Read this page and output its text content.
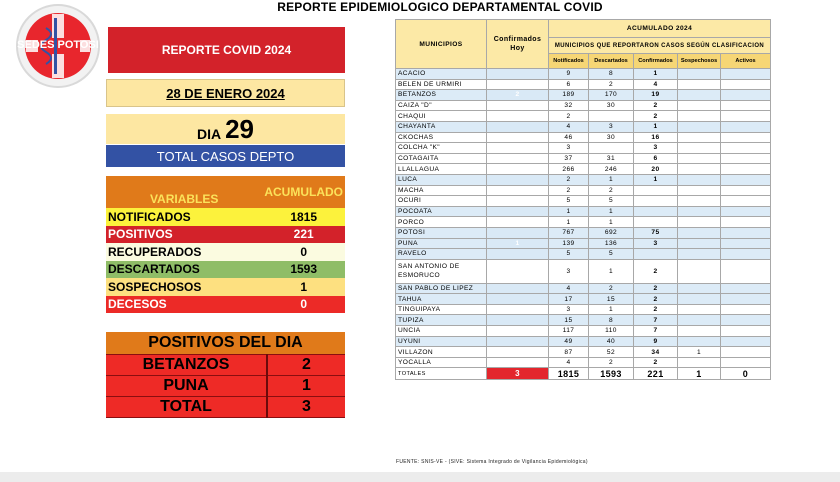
REPORTE EPIDEMIOLOGICO DEPARTAMENTAL COVID
SEDES POTOSI	REPORTE COVID 2024
28 DE ENERO 2024
DIA 29
TOTAL CASOS DEPTO
VARIABLES	ACUMULADO
NOTIFICADOS	1815
POSITIVOS	221
RECUPERADOS	0
DESCARTADOS	1593
SOSPECHOSOS	1
DECESOS	0
POSITIVOS DEL DIA	
BETANZOS	2
PUNA	1
TOTAL	3
MUNICIPIOS	Confirmados Hoy	ACUMULADO 2024				
		MUNICIPIOS QUE REPORTARON CASOS SEGÚN CLASIFICACION				
		Notificados	Descartados	Confirmados	Sospechosos	Activos
ACACIO		9	8	1		
BELEN DE URMIRI		6	2	4		
BETANZOS	2	189	170	19		
CAIZA "D"		32	30	2		
CHAQUI		2		2		
CHAYANTA		4	3	1		
CKOCHAS		46	30	16		
COLCHA "K"		3		3		
COTAGAITA		37	31	6		
LLALLAGUA		266	246	20		
LUCA		2	1	1		
MACHA		2	2			
OCURI		5	5			
POCOATA		1	1			
PORCO		1	1			
POTOSI		767	692	75		
PUNA	1	139	136	3		
RAVELO		5	5			
SAN ANTONIO DE ESMORUCO		3	1	2		
SAN PABLO DE LIPEZ		4	2	2		
TAHUA		17	15	2		
TINGUIPAYA		3	1	2		
TUPIZA		15	8	7		
UNCIA		117	110	7		
UYUNI		49	40	9		
VILLAZON		87	52	34	1	
YOCALLA		4	2	2		
TOTALES	3	1815	1593	221	1	0
FUENTE: SNIS-VE - (SIVE: Sistema Integrado de Vigilancia Epidemiológica)
